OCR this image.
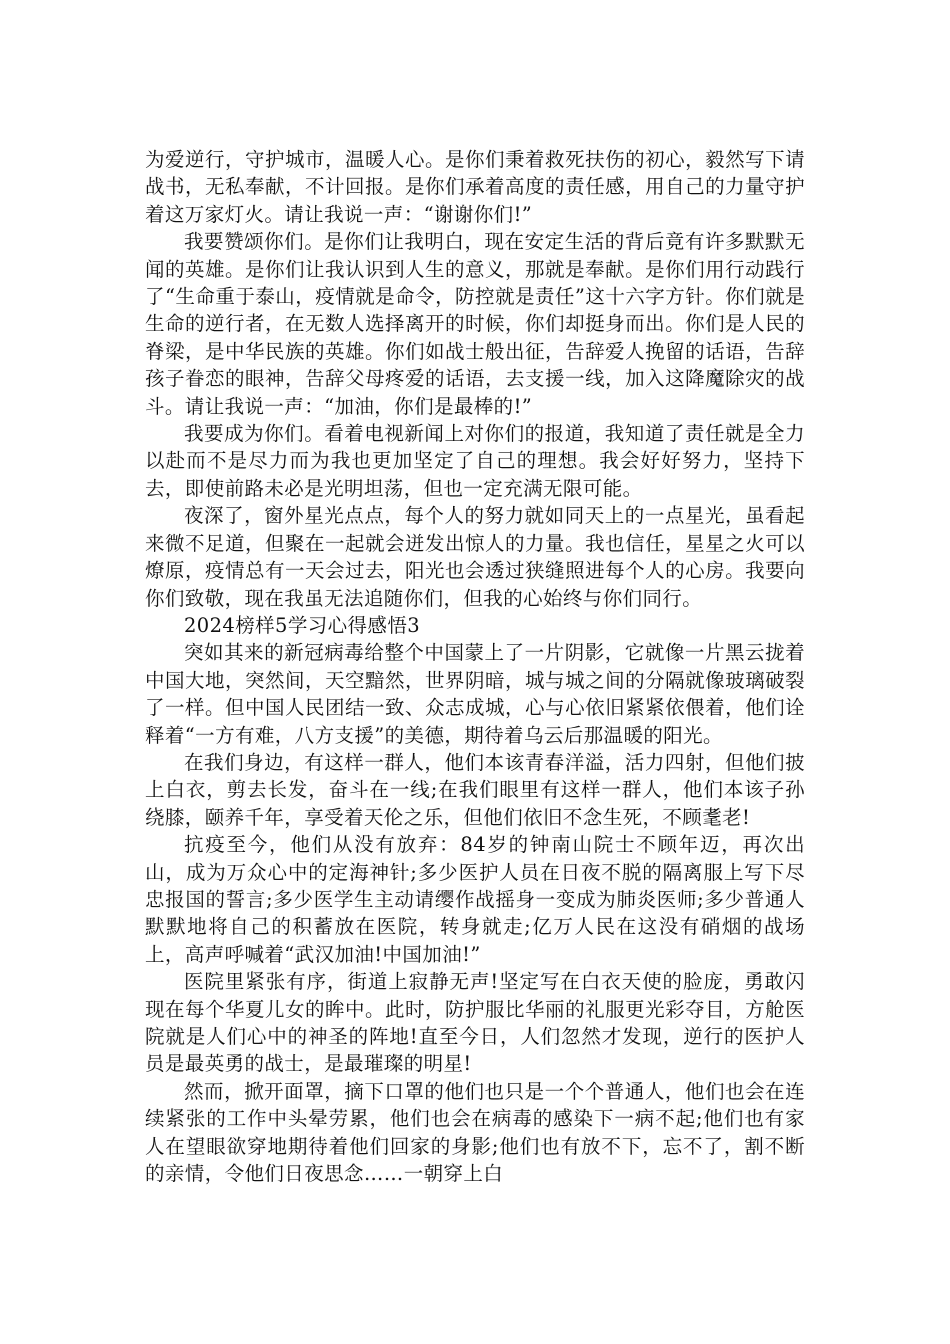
为爱逆行，守护城市，温暖人心。是你们秉着救死扶伤的初心，毅然写下请战书，无私奉献，不计回报。是你们承着高度的责任感，用自己的力量守护着这万家灯火。请让我说一声：“谢谢你们!”

我要赞颂你们。是你们让我明白，现在安定生活的背后竟有许多默默无闻的英雄。是你们让我认识到人生的意义，那就是奉献。是你们用行动践行了“生命重于泰山，疫情就是命令，防控就是责任”这十六字方针。你们就是生命的逆行者，在无数人选择离开的时候，你们却挺身而出。你们是人民的脊梁，是中华民族的英雄。你们如战士般出征，告辞爱人挽留的话语，告辞孩子眷恋的眼神，告辞父母疼爱的话语，去支援一线，加入这降魔除灾的战斗。请让我说一声：“加油，你们是最棒的!”

我要成为你们。看着电视新闻上对你们的报道，我知道了责任就是全力以赴而不是尽力而为我也更加坚定了自己的理想。我会好好努力，坚持下去，即使前路未必是光明坦荡，但也一定充满无限可能。

夜深了，窗外星光点点，每个人的努力就如同天上的一点星光，虽看起来微不足道，但聚在一起就会迸发出惊人的力量。我也信任，星星之火可以燎原，疫情总有一天会过去，阳光也会透过狭缝照进每个人的心房。我要向你们致敬，现在我虽无法追随你们，但我的心始终与你们同行。

2024榜样5学习心得感悟3

突如其来的新冠病毒给整个中国蒙上了一片阴影，它就像一片黑云拢着中国大地，突然间，天空黯然，世界阴暗，城与城之间的分隔就像玻璃破裂了一样。但中国人民团结一致、众志成城，心与心依旧紧紧依偎着，他们诠释着“一方有难，八方支援”的美德，期待着乌云后那温暖的阳光。

在我们身边，有这样一群人，他们本该青春洋溢，活力四射，但他们披上白衣，剪去长发，奋斗在一线;在我们眼里有这样一群人，他们本该子孙绕膝，颐养千年，享受着天伦之乐，但他们依旧不念生死，不顾耄老!

抗疫至今，他们从没有放弃：84岁的钟南山院士不顾年迈，再次出山，成为万众心中的定海神针;多少医护人员在日夜不脱的隔离服上写下尽忠报国的誓言;多少医学生主动请缨作战摇身一变成为肺炎医师;多少普通人默默地将自己的积蓄放在医院，转身就走;亿万人民在这没有硝烟的战场上，高声呼喊着“武汉加油!中国加油!”

医院里紧张有序，街道上寂静无声!坚定写在白衣天使的脸庞，勇敢闪现在每个华夏儿女的眸中。此时，防护服比华丽的礼服更光彩夺目，方舱医院就是人们心中的神圣的阵地!直至今日，人们忽然才发现，逆行的医护人员是最英勇的战士，是最璀璨的明星!

然而，掀开面罩，摘下口罩的他们也只是一个个普通人，他们也会在连续紧张的工作中头晕劳累，他们也会在病毒的感染下一病不起;他们也有家人在望眼欲穿地期待着他们回家的身影;他们也有放不下，忘不了，割不断的亲情，令他们日夜思念……一朝穿上白
